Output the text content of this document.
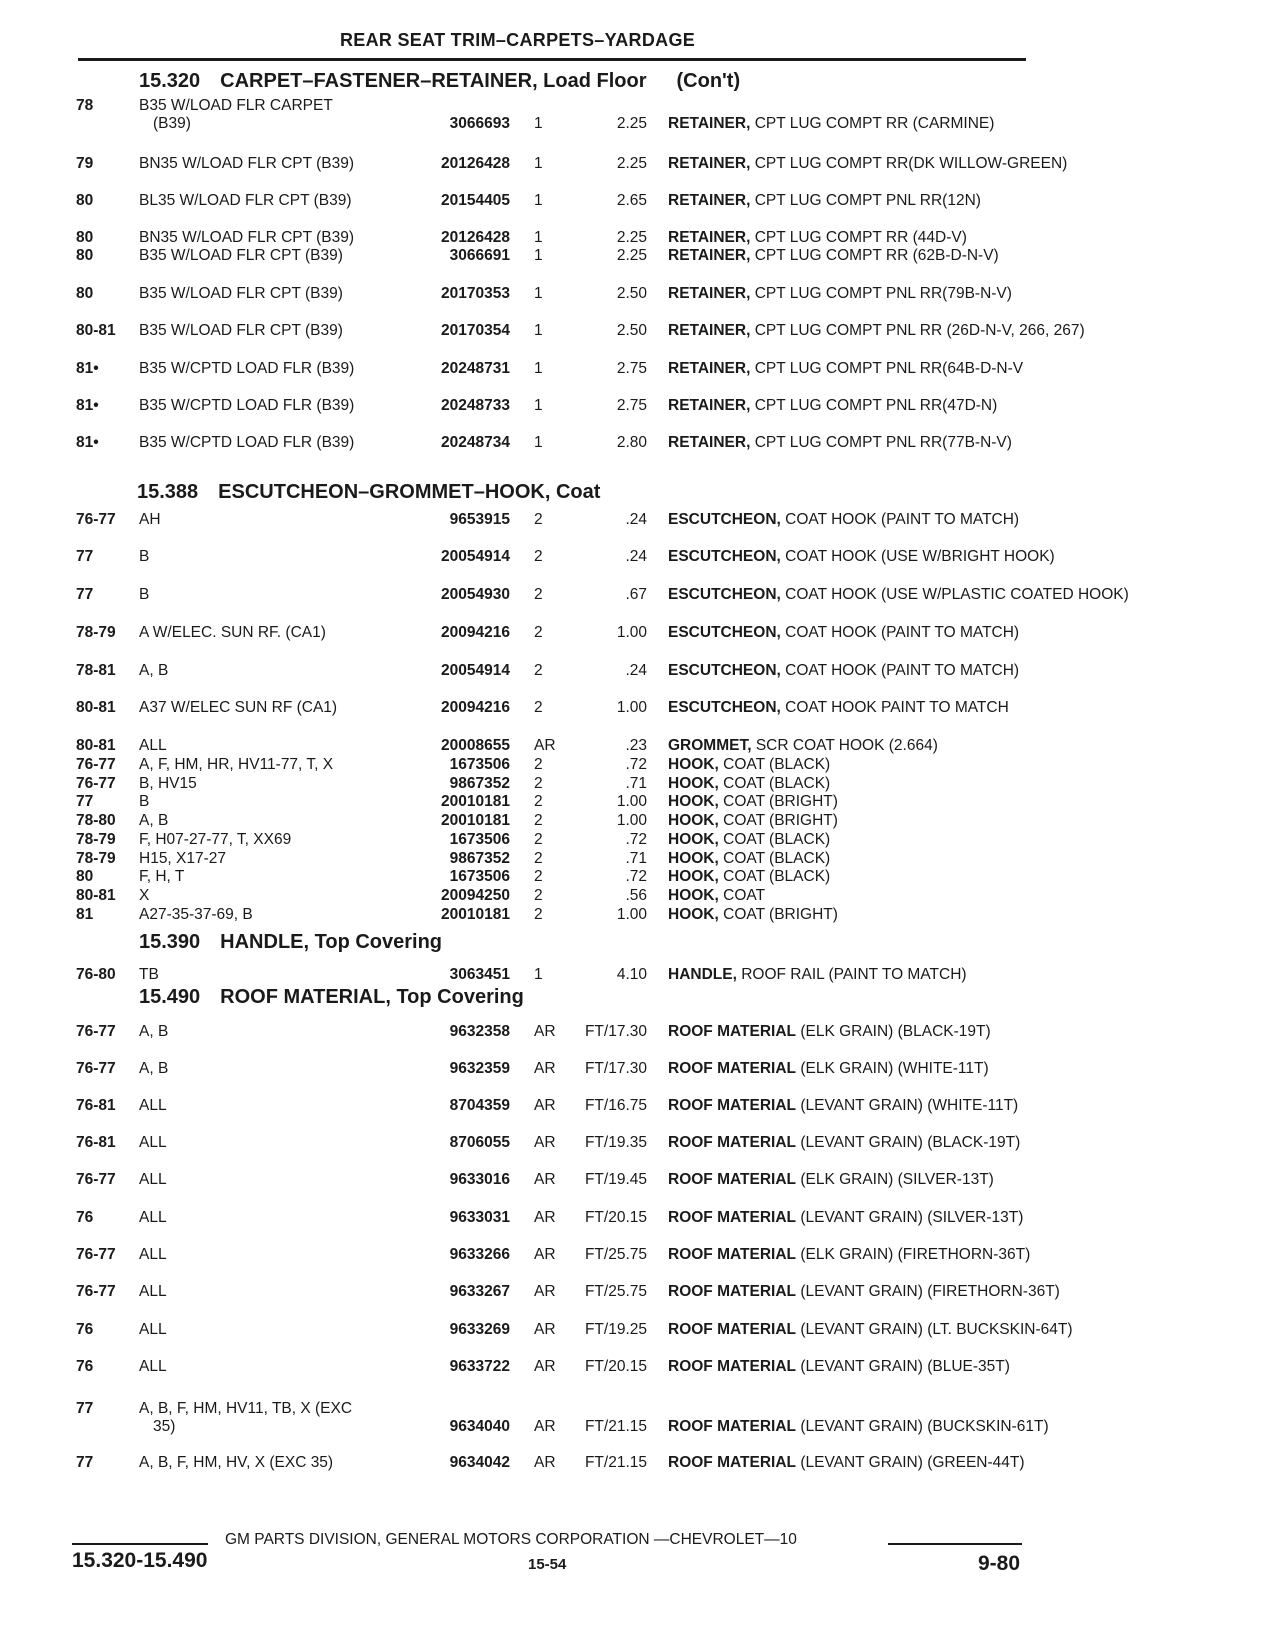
REAR SEAT TRIM–CARPETS–YARDAGE
15.320 CARPET–FASTENER–RETAINER, Load Floor (Con't)
78	B35 W/LOAD FLR CARPET
(B39)	3066693 1	2.25 RETAINER, CPT LUG COMPT RR (CARMINE)
79	BN35 W/LOAD FLR CPT (B39)	20126428 1	2.25 RETAINER, CPT LUG COMPT RR(DK WILLOW-GREEN)
80	BL35 W/LOAD FLR CPT (B39)	20154405 1	2.65 RETAINER, CPT LUG COMPT PNL RR(12N)
80	BN35 W/LOAD FLR CPT (B39)	20126428 1	2.25 RETAINER, CPT LUG COMPT RR (44D-V)
80	B35 W/LOAD FLR CPT (B39)	3066691 1	2.25 RETAINER, CPT LUG COMPT RR (62B-D-N-V)
80	B35 W/LOAD FLR CPT (B39)	20170353 1	2.50 RETAINER, CPT LUG COMPT PNL RR(79B-N-V)
80-81	B35 W/LOAD FLR CPT (B39)	20170354 1	2.50 RETAINER, CPT LUG COMPT PNL RR (26D-N-V, 266, 267)
81•	B35 W/CPTD LOAD FLR (B39)	20248731 1	2.75 RETAINER, CPT LUG COMPT PNL RR(64B-D-N-V
81•	B35 W/CPTD LOAD FLR (B39)	20248733 1	2.75 RETAINER, CPT LUG COMPT PNL RR(47D-N)
81•	B35 W/CPTD LOAD FLR (B39)	20248734 1	2.80 RETAINER, CPT LUG COMPT PNL RR(77B-N-V)
15.388 ESCUTCHEON–GROMMET–HOOK, Coat
76-77	AH	9653915 2	.24 ESCUTCHEON, COAT HOOK (PAINT TO MATCH)
77	B	20054914 2	.24 ESCUTCHEON, COAT HOOK (USE W/BRIGHT HOOK)
77	B	20054930 2	.67 ESCUTCHEON, COAT HOOK (USE W/PLASTIC COATED HOOK)
78-79	A W/ELEC. SUN RF. (CA1)	20094216 2	1.00 ESCUTCHEON, COAT HOOK (PAINT TO MATCH)
78-81	A, B	20054914 2	.24 ESCUTCHEON, COAT HOOK (PAINT TO MATCH)
80-81	A37 W/ELEC SUN RF (CA1)	20094216 2	1.00 ESCUTCHEON, COAT HOOK PAINT TO MATCH
80-81	ALL	20008655 AR	.23 GROMMET, SCR COAT HOOK (2.664)
76-77	A, F, HM, HR, HV11-77, T, X	1673506 2	.72 HOOK, COAT (BLACK)
76-77	B, HV15	9867352 2	.71 HOOK, COAT (BLACK)
77	B	20010181 2	1.00 HOOK, COAT (BRIGHT)
78-80	A, B	20010181 2	1.00 HOOK, COAT (BRIGHT)
78-79	F, H07-27-77, T, XX69	1673506 2	.72 HOOK, COAT (BLACK)
78-79	H15, X17-27	9867352 2	.71 HOOK, COAT (BLACK)
80	F, H, T	1673506 2	.72 HOOK, COAT (BLACK)
80-81	X	20094250 2	.56 HOOK, COAT
81	A27-35-37-69, B	20010181 2	1.00 HOOK, COAT (BRIGHT)
15.390 HANDLE, Top Covering
76-80	TB	3063451 1	4.10 HANDLE, ROOF RAIL (PAINT TO MATCH)
15.490 ROOF MATERIAL, Top Covering
76-77	A, B	9632358 AR	FT/17.30 ROOF MATERIAL (ELK GRAIN) (BLACK-19T)
76-77	A, B	9632359 AR	FT/17.30 ROOF MATERIAL (ELK GRAIN) (WHITE-11T)
76-81	ALL	8704359 AR	FT/16.75 ROOF MATERIAL (LEVANT GRAIN) (WHITE-11T)
76-81	ALL	8706055 AR	FT/19.35 ROOF MATERIAL (LEVANT GRAIN) (BLACK-19T)
76-77	ALL	9633016 AR	FT/19.45 ROOF MATERIAL (ELK GRAIN) (SILVER-13T)
76	ALL	9633031 AR	FT/20.15 ROOF MATERIAL (LEVANT GRAIN) (SILVER-13T)
76-77	ALL	9633266 AR	FT/25.75 ROOF MATERIAL (ELK GRAIN) (FIRETHORN-36T)
76-77	ALL	9633267 AR	FT/25.75 ROOF MATERIAL (LEVANT GRAIN) (FIRETHORN-36T)
76	ALL	9633269 AR	FT/19.25 ROOF MATERIAL (LEVANT GRAIN) (LT. BUCKSKIN-64T)
76	ALL	9633722 AR	FT/20.15 ROOF MATERIAL (LEVANT GRAIN) (BLUE-35T)
77	A, B, F, HM, HV11, TB, X (EXC
35)	9634040 AR	FT/21.15 ROOF MATERIAL (LEVANT GRAIN) (BUCKSKIN-61T)
77	A, B, F, HM, HV, X (EXC 35)	9634042 AR	FT/21.15 ROOF MATERIAL (LEVANT GRAIN) (GREEN-44T)
GM PARTS DIVISION, GENERAL MOTORS CORPORATION —CHEVROLET—10
15.320-15.490	15-54	9-80
